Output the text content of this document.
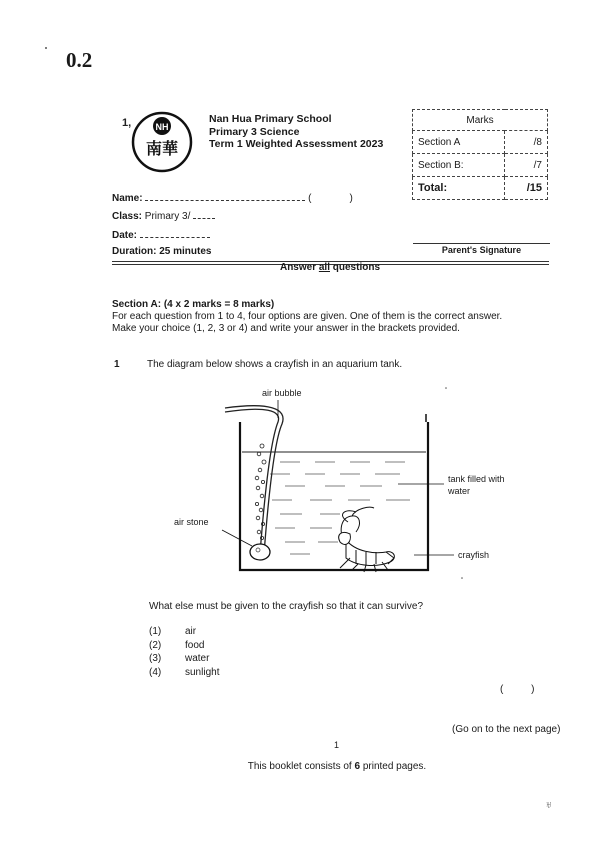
0.2
1,	NH
南華
Nan Hua Primary School
Primary 3 Science
Term 1 Weighted Assessment 2023
Marks	
Section A	/8
Section B:	/7
Total:	/15
Name:	(	)
Class: Primary 3/
Date:
Duration: 25 minutes	Parent's Signature
Answer all questions
Section A: (4 x 2 marks = 8 marks)
For each question from 1 to 4, four options are given. One of them is the correct answer.
Make your choice (1, 2, 3 or 4) and write your answer in the brackets provided.
1	The diagram below shows a crayfish in an aquarium tank.
air bubble
tank filled with
water
air stone
crayfish
What else must be given to the crayfish so that it can survive?
(1) air
(2) food
(3) water
(4) sunlight
(          )
(Go on to the next page)
1
This booklet consists of 6 printed pages.
♅
